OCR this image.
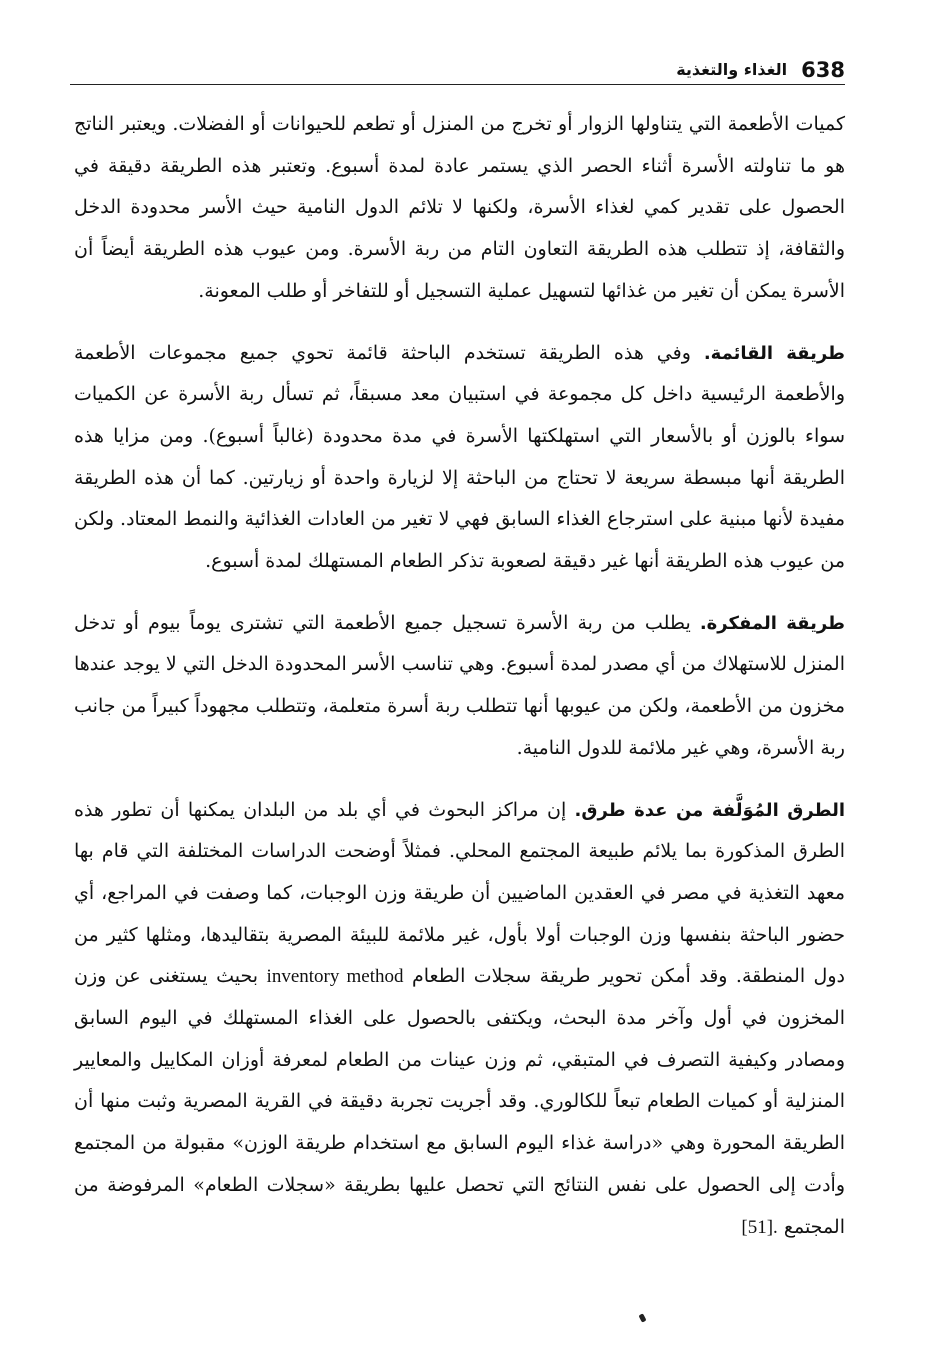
638
الغذاء والتغذية

كميات الأطعمة التي يتناولها الزوار أو تخرج من المنزل أو تطعم للحيوانات أو الفضلات. ويعتبر الناتج هو ما تناولته الأسرة أثناء الحصر الذي يستمر عادة لمدة أسبوع. وتعتبر هذه الطريقة دقيقة في الحصول على تقدير كمي لغذاء الأسرة، ولكنها لا تلائم الدول النامية حيث الأسر محدودة الدخل والثقافة، إذ تتطلب هذه الطريقة التعاون التام من ربة الأسرة. ومن عيوب هذه الطريقة أيضاً أن الأسرة يمكن أن تغير من غذائها لتسهيل عملية التسجيل أو للتفاخر أو طلب المعونة.

طريقة القائمة. وفي هذه الطريقة تستخدم الباحثة قائمة تحوي جميع مجموعات الأطعمة والأطعمة الرئيسية داخل كل مجموعة في استبيان معد مسبقاً، ثم تسأل ربة الأسرة عن الكميات سواء بالوزن أو بالأسعار التي استهلكتها الأسرة في مدة محدودة (غالباً أسبوع). ومن مزايا هذه الطريقة أنها مبسطة سريعة لا تحتاج من الباحثة إلا لزيارة واحدة أو زيارتين. كما أن هذه الطريقة مفيدة لأنها مبنية على استرجاع الغذاء السابق فهي لا تغير من العادات الغذائية والنمط المعتاد. ولكن من عيوب هذه الطريقة أنها غير دقيقة لصعوبة تذكر الطعام المستهلك لمدة أسبوع.

طريقة المفكرة. يطلب من ربة الأسرة تسجيل جميع الأطعمة التي تشترى يوماً بيوم أو تدخل المنزل للاستهلاك من أي مصدر لمدة أسبوع. وهي تناسب الأسر المحدودة الدخل التي لا يوجد عندها مخزون من الأطعمة، ولكن من عيوبها أنها تتطلب ربة أسرة متعلمة، وتتطلب مجهوداً كبيراً من جانب ربة الأسرة، وهي غير ملائمة للدول النامية.

الطرق المُوَلَّفة من عدة طرق. إن مراكز البحوث في أي بلد من البلدان يمكنها أن تطور هذه الطرق المذكورة بما يلائم طبيعة المجتمع المحلي. فمثلاً أوضحت الدراسات المختلفة التي قام بها معهد التغذية في مصر في العقدين الماضيين أن طريقة وزن الوجبات، كما وصفت في المراجع، أي حضور الباحثة بنفسها وزن الوجبات أولا بأول، غير ملائمة للبيئة المصرية بتقاليدها، ومثلها كثير من دول المنطقة. وقد أمكن تحوير طريقة سجلات الطعام inventory method بحيث يستغنى عن وزن المخزون في أول وآخر مدة البحث، ويكتفى بالحصول على الغذاء المستهلك في اليوم السابق ومصادر وكيفية التصرف في المتبقي، ثم وزن عينات من الطعام لمعرفة أوزان المكاييل والمعايير المنزلية أو كميات الطعام تبعاً للكالوري. وقد أجريت تجربة دقيقة في القرية المصرية وثبت منها أن الطريقة المحورة وهي «دراسة غذاء اليوم السابق مع استخدام طريقة الوزن» مقبولة من المجتمع وأدت إلى الحصول على نفس النتائج التي تحصل عليها بطريقة «سجلات الطعام» المرفوضة من المجتمع [51].
